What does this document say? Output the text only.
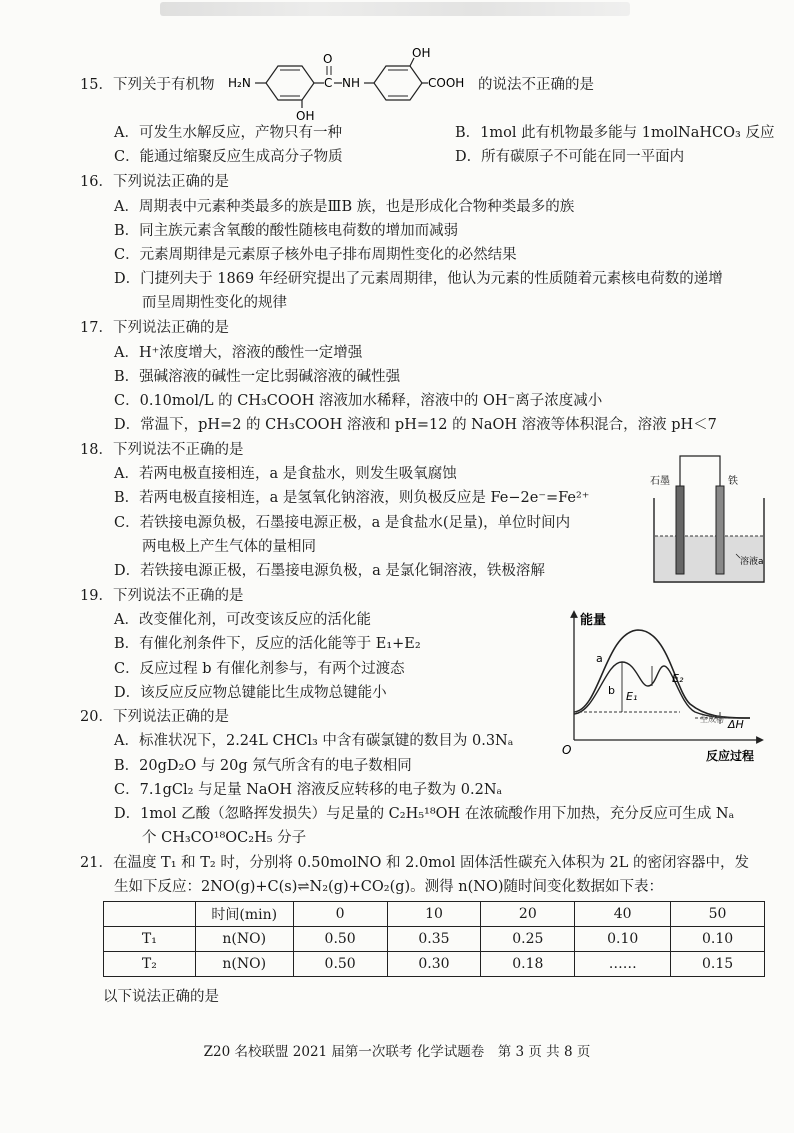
15．下列关于有机物 H₂N
OH
C
O
NH
OH
COOH 的说法不正确的是
A．可发生水解反应，产物只有一种	B．1mol 此有机物最多能与 1molNaHCO₃ 反应
C．能通过缩聚反应生成高分子物质	D．所有碳原子不可能在同一平面内
16．下列说法正确的是
A．周期表中元素种类最多的族是ⅢB 族，也是形成化合物种类最多的族
B．同主族元素含氧酸的酸性随核电荷数的增加而减弱
C．元素周期律是元素原子核外电子排布周期性变化的必然结果
D．门捷列夫于 1869 年经研究提出了元素周期律，他认为元素的性质随着元素核电荷数的递增
而呈周期性变化的规律
17．下列说法正确的是
A．H⁺浓度增大，溶液的酸性一定增强
B．强碱溶液的碱性一定比弱碱溶液的碱性强
C．0.10mol/L 的 CH₃COOH 溶液加水稀释，溶液中的 OH⁻离子浓度减小
D．常温下，pH=2 的 CH₃COOH 溶液和 pH=12 的 NaOH 溶液等体积混合，溶液 pH＜7
18．下列说法不正确的是
A．若两电极直接相连，a 是食盐水，则发生吸氧腐蚀
B．若两电极直接相连，a 是氢氧化钠溶液，则负极反应是 Fe−2e⁻=Fe²⁺
C．若铁接电源负极，石墨接电源正极，a 是食盐水(足量)，单位时间内
两电极上产生气体的量相同
D．若铁接电源正极，石墨接电源负极，a 是氯化铜溶液，铁极溶解
石墨	铁
溶液a
19．下列说法不正确的是
A．改变催化剂，可改变该反应的活化能
B．有催化剂条件下，反应的活化能等于 E₁+E₂
C．反应过程 b 有催化剂参与，有两个过渡态
D．该反应反应物总键能比生成物总键能小
能量
O	反应过程
a
b E₁
E₂
生成物 ΔH
20．下列说法正确的是
A．标准状况下，2.24L CHCl₃ 中含有碳氯键的数目为 0.3Nₐ
B．20gD₂O 与 20g 氖气所含有的电子数相同
C．7.1gCl₂ 与足量 NaOH 溶液反应转移的电子数为 0.2Nₐ
D．1mol 乙酸（忽略挥发损失）与足量的 C₂H₅¹⁸OH 在浓硫酸作用下加热，充分反应可生成 Nₐ
个 CH₃CO¹⁸OC₂H₅ 分子
21．在温度 T₁ 和 T₂ 时，分别将 0.50molNO 和 2.0mol 固体活性碳充入体积为 2L 的密闭容器中，发
生如下反应：2NO(g)+C(s)⇌N₂(g)+CO₂(g)。测得 n(NO)随时间变化数据如下表：
	时间(min)	0	10	20	40	50
T₁	n(NO)	0.50	0.35	0.25	0.10	0.10
T₂	n(NO)	0.50	0.30	0.18	……	0.15
以下说法正确的是
Z20 名校联盟 2021 届第一次联考 化学试题卷　第 3 页 共 8 页
